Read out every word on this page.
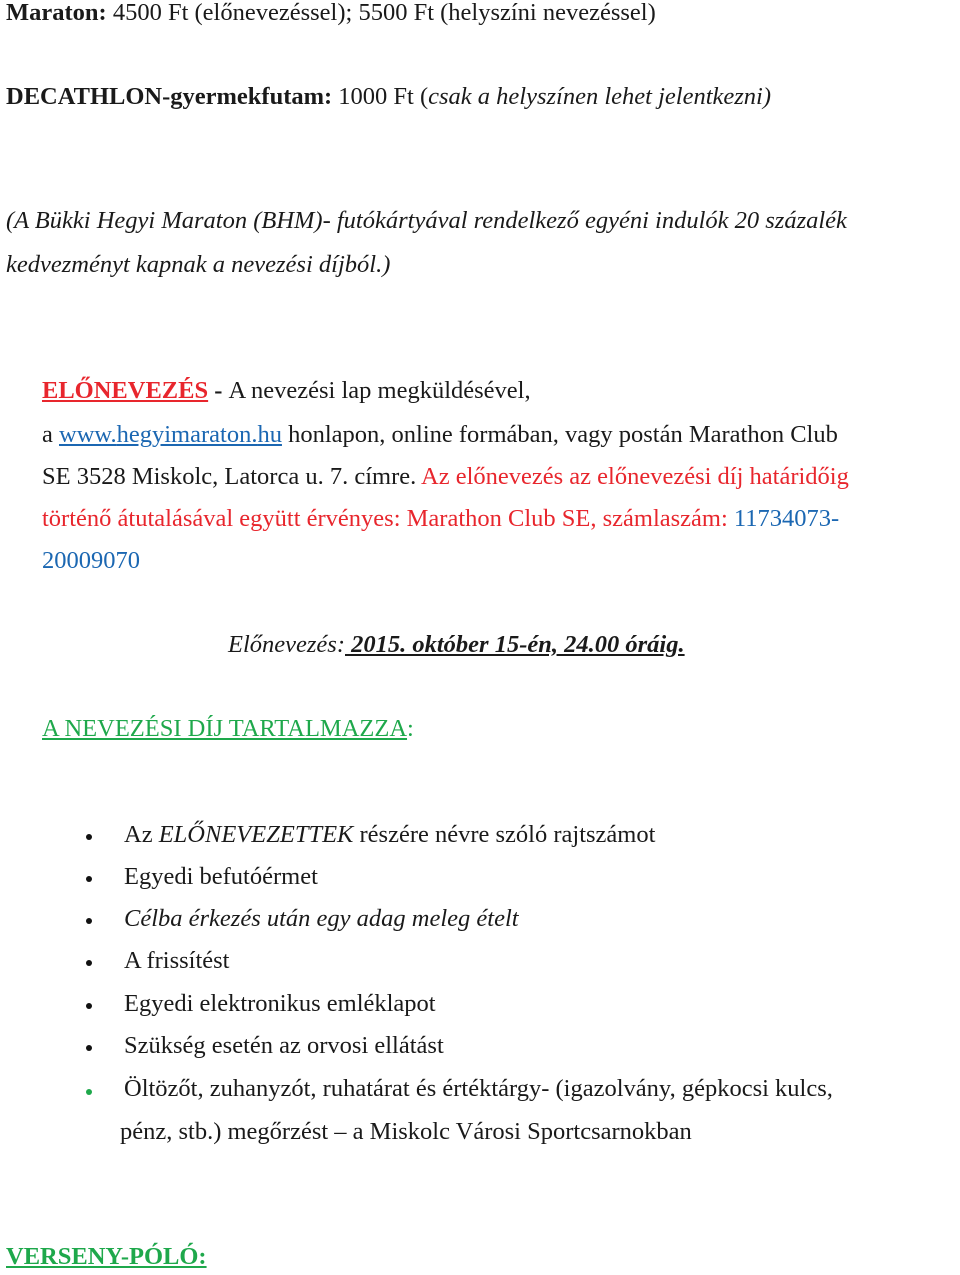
Maraton: 4500 Ft (előnevezéssel); 5500 Ft (helyszíni nevezéssel)
DECATHLON-gyermekfutam: 1000 Ft (csak a helyszínen lehet jelentkezni)
(A Bükki Hegyi Maraton (BHM)- futókártyával rendelkező egyéni indulók 20 százalék
kedvezményt kapnak a nevezési díjból.)
ELŐNEVEZÉS - A nevezési lap megküldésével,
a www.hegyimaraton.hu honlapon, online formában, vagy postán Marathon Club
SE 3528 Miskolc, Latorca u. 7. címre. Az előnevezés az előnevezési díj határidőig
történő átutalásával együtt érvényes: Marathon Club SE, számlaszám: 11734073-
20009070
Előnevezés: 2015. október 15-én, 24.00 óráig.
A NEVEZÉSI DÍJ TARTALMAZZA:
Az ELŐNEVEZETTEK részére névre szóló rajtszámot
Egyedi befutóérmet
Célba érkezés után egy adag meleg ételt
A frissítést
Egyedi elektronikus emléklapot
Szükség esetén az orvosi ellátást
Öltözőt, zuhanyzót, ruhatárat és értéktárgy- (igazolvány, gépkocsi kulcs,
pénz, stb.) megőrzést – a Miskolc Városi Sportcsarnokban
VERSENY-PÓLÓ:
